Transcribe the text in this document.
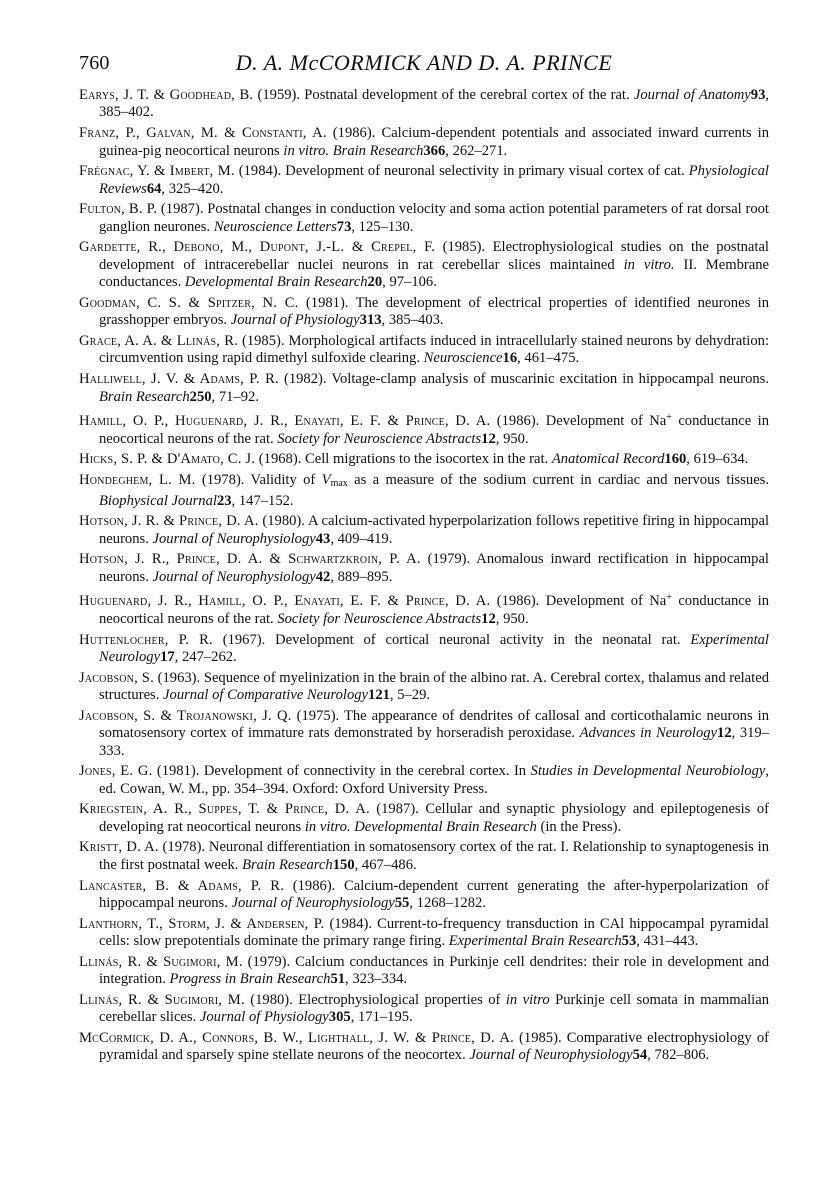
760	D. A. McCORMICK AND D. A. PRINCE

Earys, J. T. & Goodhead, B. (1959). Postnatal development of the cerebral cortex of the rat. Journal of Anatomy93, 385–402.

Franz, P., Galvan, M. & Constanti, A. (1986). Calcium-dependent potentials and associated inward currents in guinea-pig neocortical neurons in vitro. Brain Research366, 262–271.

Frégnac, Y. & Imbert, M. (1984). Development of neuronal selectivity in primary visual cortex of cat. Physiological Reviews64, 325–420.

Fulton, B. P. (1987). Postnatal changes in conduction velocity and soma action potential parameters of rat dorsal root ganglion neurones. Neuroscience Letters73, 125–130.

Gardette, R., Debono, M., Dupont, J.-L. & Crepel, F. (1985). Electrophysiological studies on the postnatal development of intracerebellar nuclei neurons in rat cerebellar slices maintained in vitro. II. Membrane conductances. Developmental Brain Research20, 97–106.

Goodman, C. S. & Spitzer, N. C. (1981). The development of electrical properties of identified neurones in grasshopper embryos. Journal of Physiology313, 385–403.

Grace, A. A. & Llinás, R. (1985). Morphological artifacts induced in intracellularly stained neurons by dehydration: circumvention using rapid dimethyl sulfoxide clearing. Neuroscience16, 461–475.

Halliwell, J. V. & Adams, P. R. (1982). Voltage-clamp analysis of muscarinic excitation in hippocampal neurons. Brain Research250, 71–92.

Hamill, O. P., Huguenard, J. R., Enayati, E. F. & Prince, D. A. (1986). Development of Na+ conductance in neocortical neurons of the rat. Society for Neuroscience Abstracts12, 950.

Hicks, S. P. & D'Amato, C. J. (1968). Cell migrations to the isocortex in the rat. Anatomical Record160, 619–634.

Hondeghem, L. M. (1978). Validity of $V_{max}$ as a measure of the sodium current in cardiac and nervous tissues. Biophysical Journal23, 147–152.

Hotson, J. R. & Prince, D. A. (1980). A calcium-activated hyperpolarization follows repetitive firing in hippocampal neurons. Journal of Neurophysiology43, 409–419.

Hotson, J. R., Prince, D. A. & Schwartzkroin, P. A. (1979). Anomalous inward rectification in hippocampal neurons. Journal of Neurophysiology42, 889–895.

Huguenard, J. R., Hamill, O. P., Enayati, E. F. & Prince, D. A. (1986). Development of Na+ conductance in neocortical neurons of the rat. Society for Neuroscience Abstracts12, 950.

Huttenlocher, P. R. (1967). Development of cortical neuronal activity in the neonatal rat. Experimental Neurology17, 247–262.

Jacobson, S. (1963). Sequence of myelinization in the brain of the albino rat. A. Cerebral cortex, thalamus and related structures. Journal of Comparative Neurology121, 5–29.

Jacobson, S. & Trojanowski, J. Q. (1975). The appearance of dendrites of callosal and corticothalamic neurons in somatosensory cortex of immature rats demonstrated by horseradish peroxidase. Advances in Neurology12, 319–333.

Jones, E. G. (1981). Development of connectivity in the cerebral cortex. In Studies in Developmental Neurobiology, ed. Cowan, W. M., pp. 354–394. Oxford: Oxford University Press.

Kriegstein, A. R., Suppes, T. & Prince, D. A. (1987). Cellular and synaptic physiology and epileptogenesis of developing rat neocortical neurons in vitro. Developmental Brain Research (in the Press).

Kristt, D. A. (1978). Neuronal differentiation in somatosensory cortex of the rat. I. Relationship to synaptogenesis in the first postnatal week. Brain Research150, 467–486.

Lancaster, B. & Adams, P. R. (1986). Calcium-dependent current generating the after-hyperpolarization of hippocampal neurons. Journal of Neurophysiology55, 1268–1282.

Lanthorn, T., Storm, J. & Andersen, P. (1984). Current-to-frequency transduction in CAl hippocampal pyramidal cells: slow prepotentials dominate the primary range firing. Experimental Brain Research53, 431–443.

Llinás, R. & Sugimori, M. (1979). Calcium conductances in Purkinje cell dendrites: their role in development and integration. Progress in Brain Research51, 323–334.

Llinás, R. & Sugimori, M. (1980). Electrophysiological properties of in vitro Purkinje cell somata in mammalian cerebellar slices. Journal of Physiology305, 171–195.

McCormick, D. A., Connors, B. W., Lighthall, J. W. & Prince, D. A. (1985). Comparative electrophysiology of pyramidal and sparsely spine stellate neurons of the neocortex. Journal of Neurophysiology54, 782–806.
